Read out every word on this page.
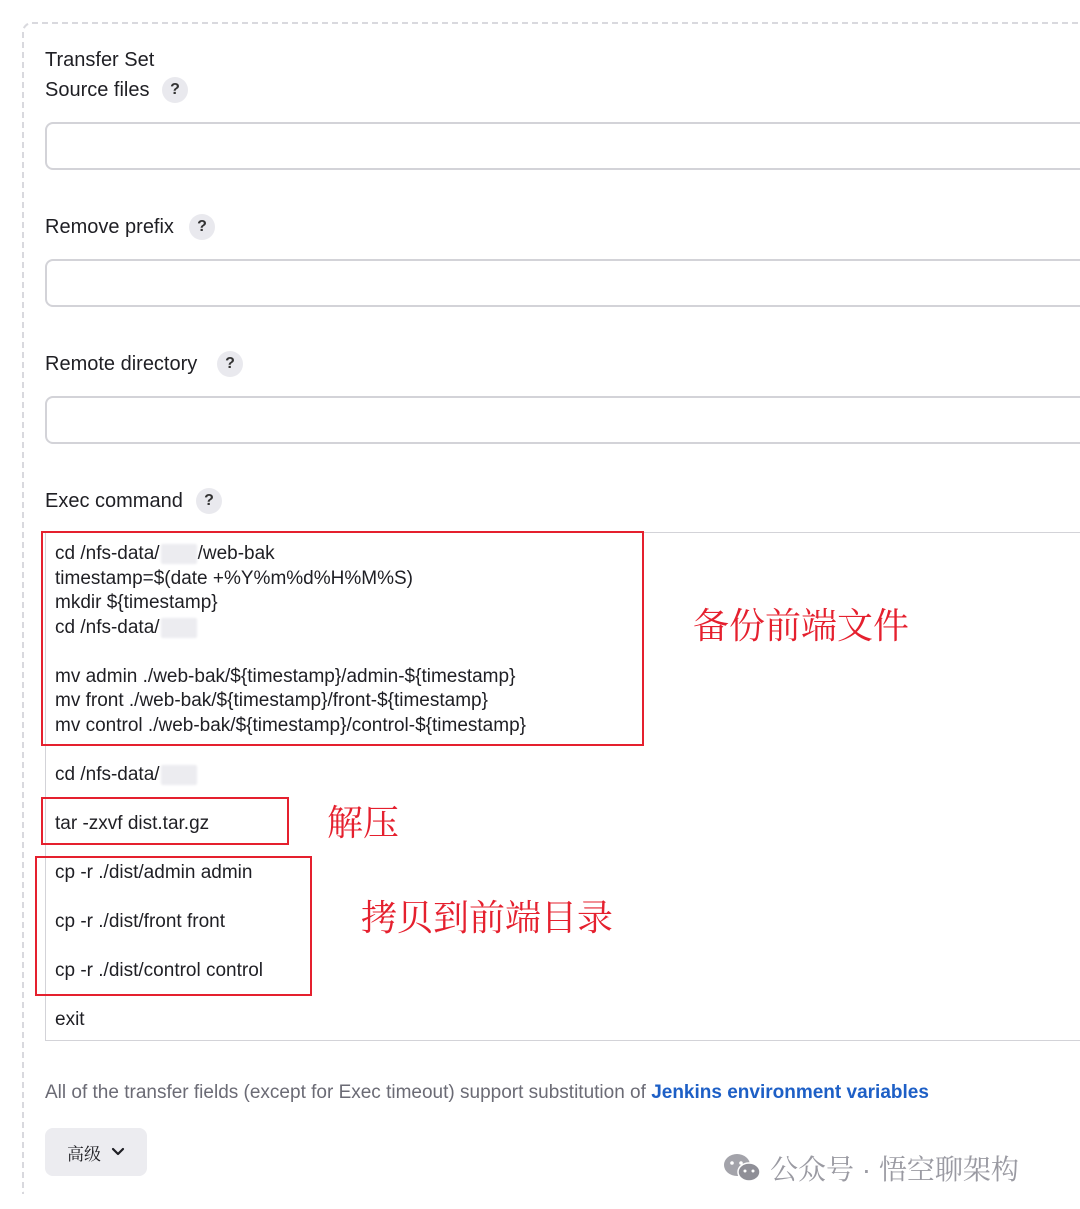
Transfer Set
Source files	?
Remove prefix	?
Remote directory	?
Exec command	?
cd /nfs-data/ /web-bak
timestamp=$(date +%Y%m%d%H%M%S)
mkdir ${timestamp}
cd /nfs-data/
mv admin ./web-bak/${timestamp}/admin-${timestamp}
mv front ./web-bak/${timestamp}/front-${timestamp}
mv control ./web-bak/${timestamp}/control-${timestamp}
cd /nfs-data/
tar -zxvf dist.tar.gz
cp -r ./dist/admin admin
cp -r ./dist/front front
cp -r ./dist/control control
exit
备份前端文件
解压
拷贝到前端目录
All of the transfer fields (except for Exec timeout) support substitution of Jenkins environment variables
高级	公众号 · 悟空聊架构
